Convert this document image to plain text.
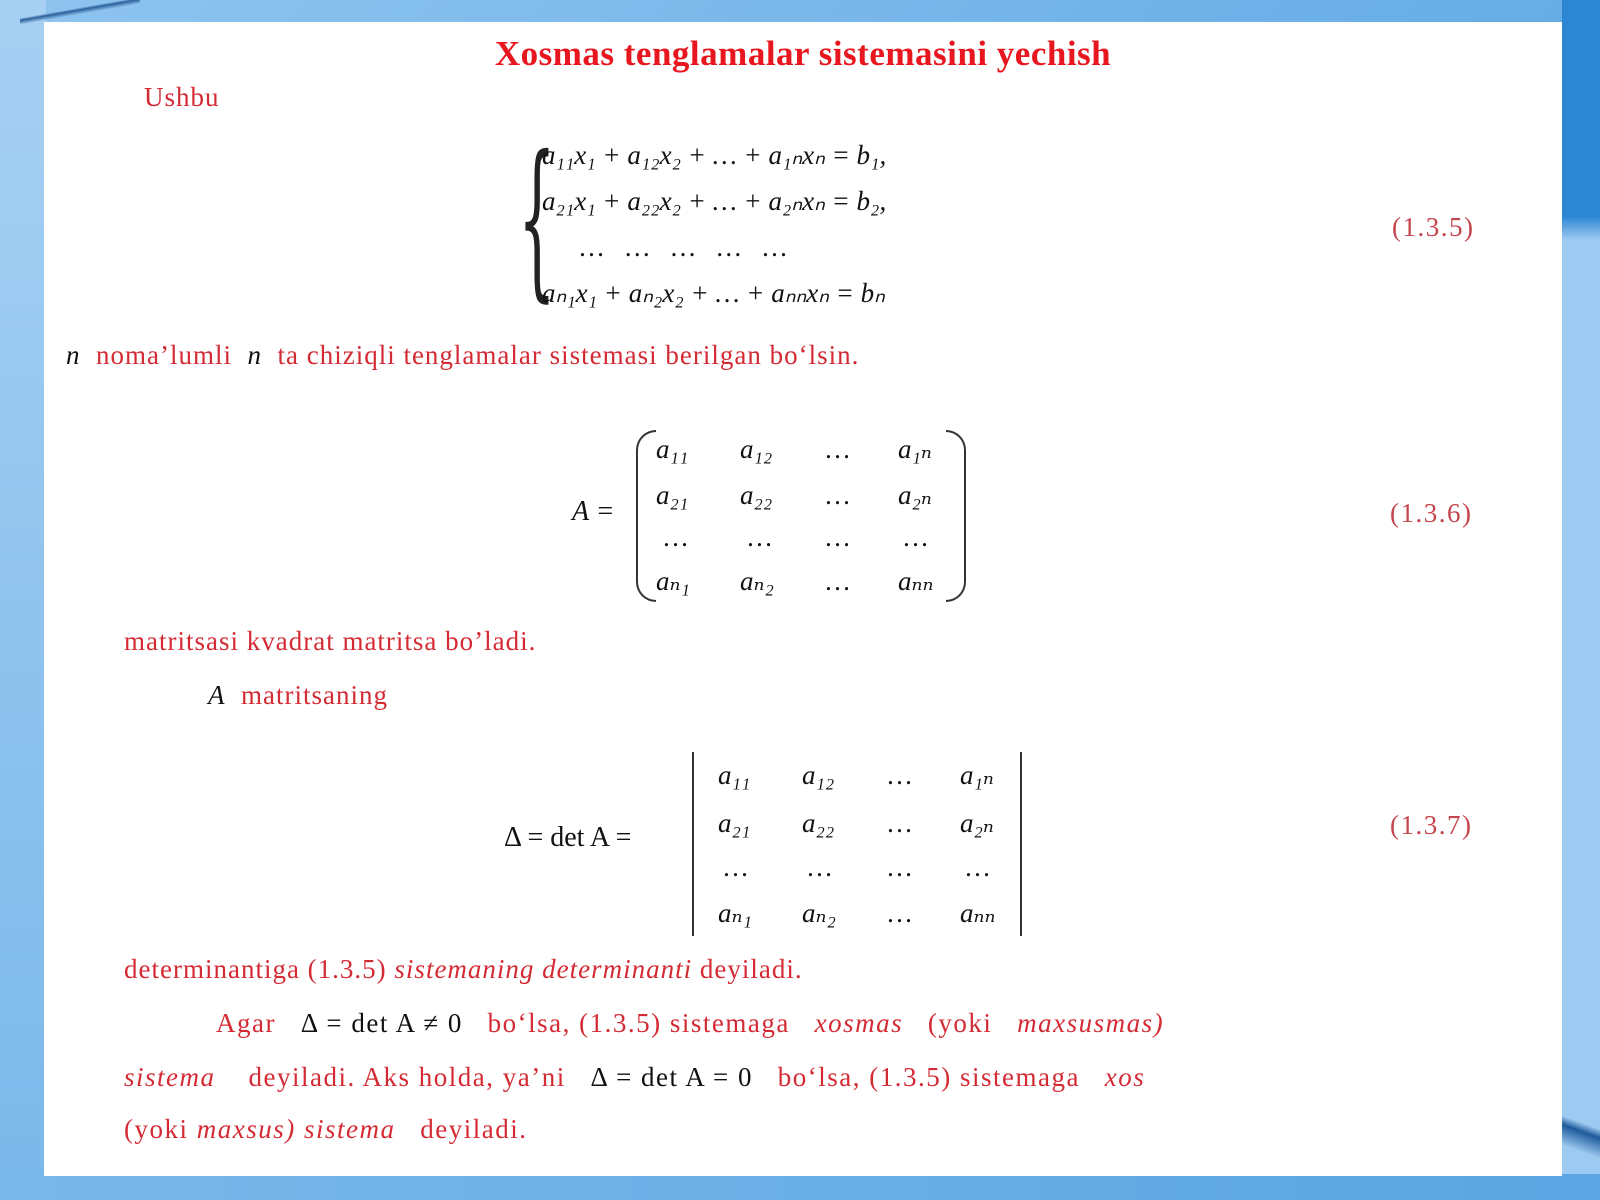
Xosmas tenglamalar sistemasini yechish
Ushbu
{
a₁₁x₁ + a₁₂x₂ + … + a₁ₙxₙ = b₁,
a₂₁x₁ + a₂₂x₂ + … + a₂ₙxₙ = b₂,
… … … … …
aₙ₁x₁ + aₙ₂x₂ + … + aₙₙxₙ = bₙ
(1.3.5)
n noma’lumli n ta chiziqli tenglamalar sistemasi berilgan bo‘lsin.
A =
a₁₁ a₁₂ … a₁ₙ
a₂₁ a₂₂ … a₂ₙ
… … … …
aₙ₁ aₙ₂ … aₙₙ
(1.3.6)
matritsasi kvadrat matritsa bo’ladi.
A matritsaning
Δ = det A =
a₁₁ a₁₂ … a₁ₙ
a₂₁ a₂₂ … a₂ₙ
… … … …
aₙ₁ aₙ₂ … aₙₙ
(1.3.7)
determinantiga (1.3.5) sistemaning determinanti deyiladi.
Agar Δ = det A ≠ 0 bo‘lsa, (1.3.5) sistemaga xosmas (yoki maxsusmas)
sistema deyiladi. Aks holda, ya’ni Δ = det A = 0 bo‘lsa, (1.3.5) sistemaga xos
(yoki maxsus) sistema deyiladi.
